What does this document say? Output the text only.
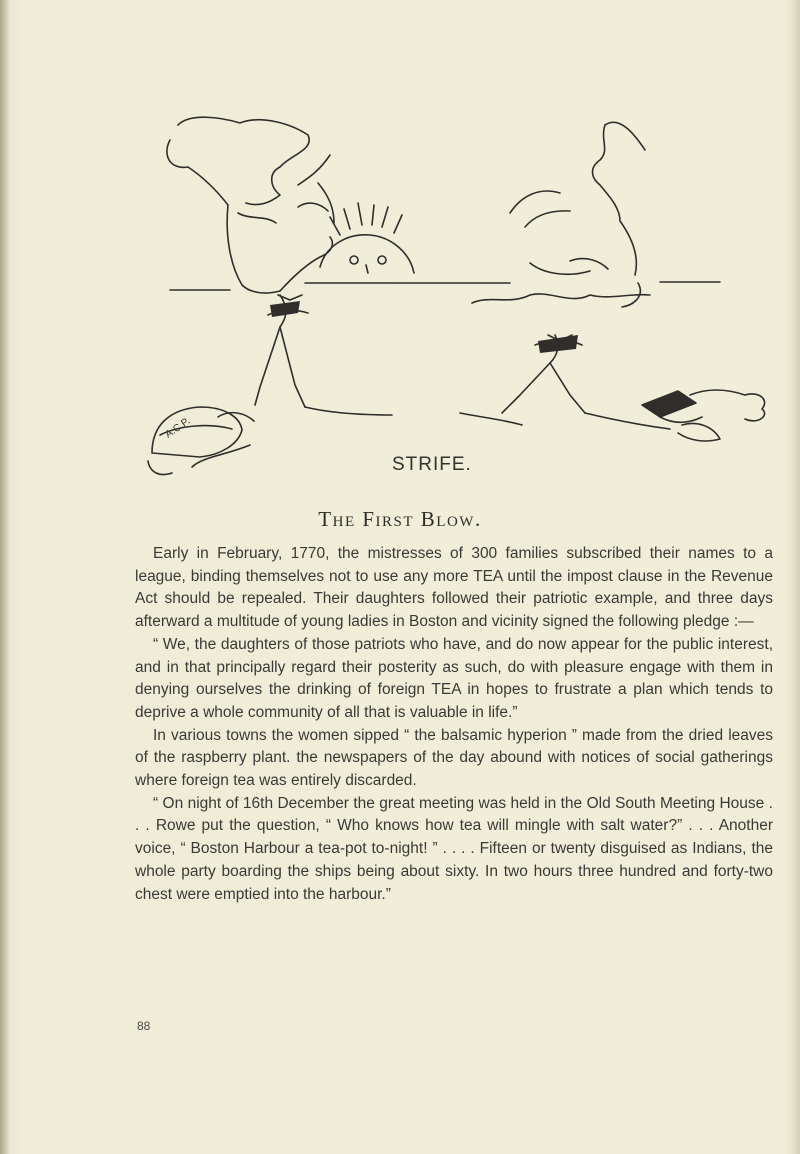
A.C.P.
STRIFE.
The First Blow.

Early in February, 1770, the mistresses of 300 families subscribed their names to a league, binding themselves not to use any more TEA until the impost clause in the Revenue Act should be repealed. Their daughters followed their patriotic example, and three days afterward a multitude of young ladies in Boston and vicinity signed the following pledge :—

“ We, the daughters of those patriots who have, and do now appear for the public interest, and in that principally regard their posterity as such, do with pleasure engage with them in denying ourselves the drinking of foreign TEA in hopes to frustrate a plan which tends to deprive a whole community of all that is valuable in life.”

In various towns the women sipped “ the balsamic hyperion ” made from the dried leaves of the raspberry plant. the newspapers of the day abound with notices of social gatherings where foreign tea was entirely discarded.

“ On night of 16th December the great meeting was held in the Old South Meeting House . . . Rowe put the question, “ Who knows how tea will mingle with salt water?” . . . Another voice, “ Boston Harbour a tea-pot to-night! ” . . . . Fifteen or twenty disguised as Indians, the whole party boarding the ships being about sixty. In two hours three hundred and forty-two chest were emptied into the harbour.”

88
